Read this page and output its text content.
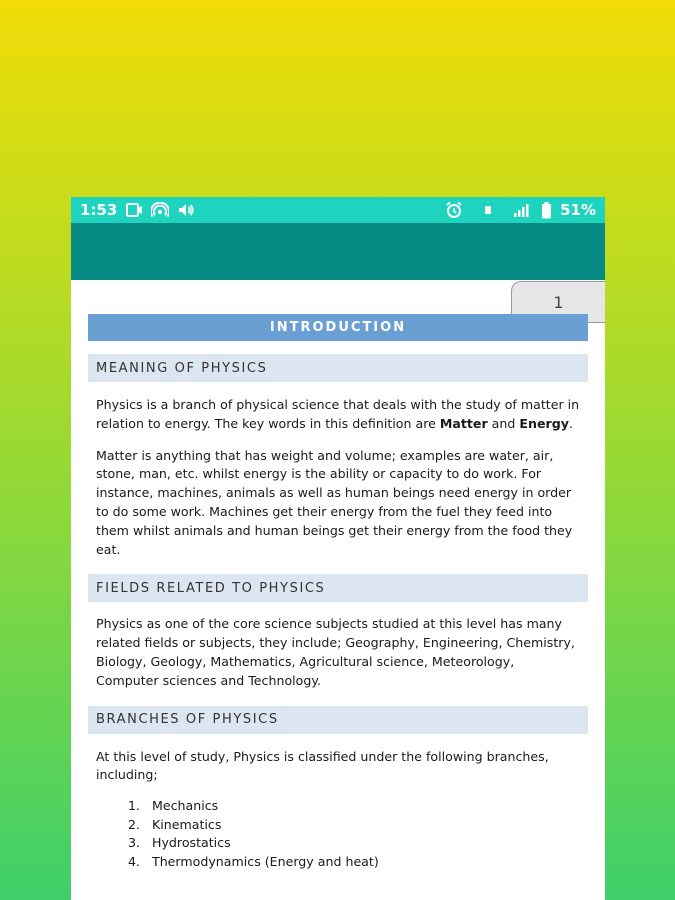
1:53	51%
1
INTRODUCTION
MEANING OF PHYSICS

Physics is a branch of physical science that deals with the study of matter in relation to energy. The key words in this definition are Matter and Energy.

Matter is anything that has weight and volume; examples are water, air, stone, man, etc. whilst energy is the ability or capacity to do work. For instance, machines, animals as well as human beings need energy in order to do some work. Machines get their energy from the fuel they feed into them whilst animals and human beings get their energy from the food they eat.

FIELDS RELATED TO PHYSICS

Physics as one of the core science subjects studied at this level has many related fields or subjects, they include; Geography, Engineering, Chemistry, Biology, Geology, Mathematics, Agricultural science, Meteorology, Computer sciences and Technology.

BRANCHES OF PHYSICS

At this level of study, Physics is classified under the following branches, including;

1. Mechanics
2. Kinematics
3. Hydrostatics
4. Thermodynamics (Energy and heat)
